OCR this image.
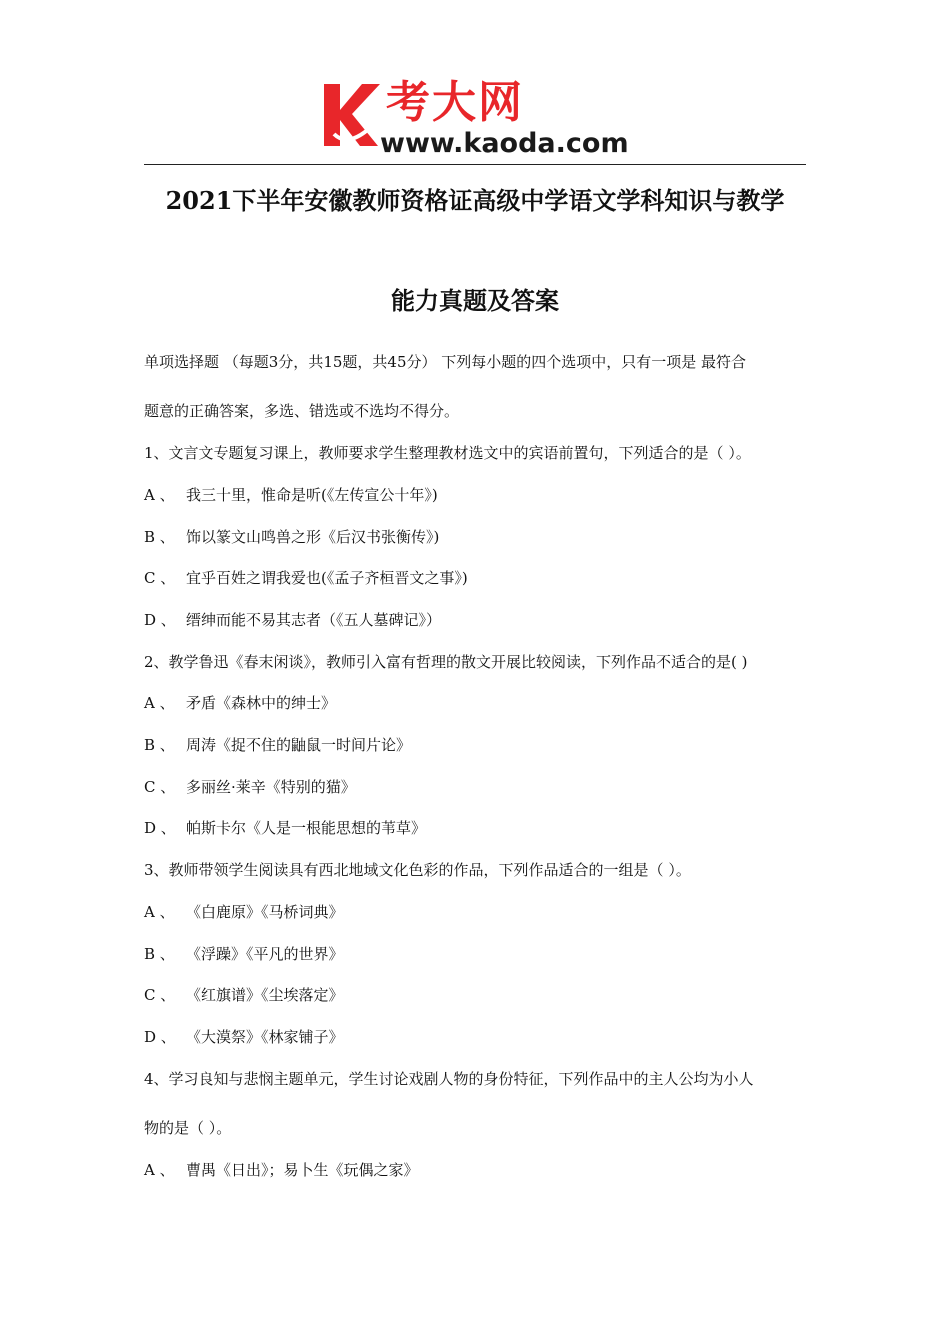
考大网
www.kaoda.com
2021下半年安徽教师资格证高级中学语文学科知识与教学
能力真题及答案
单项选择题 （每题3分，共15题，共45分） 下列每小题的四个选项中，只有一项是 最符合
题意的正确答案，多选、错选或不选均不得分。
1、文言文专题复习课上，教师要求学生整理教材选文中的宾语前置句，下列适合的是（ ）。
A 、 我三十里，惟命是听(《左传宣公十年》)
B 、 饰以篆文山鸣兽之形《后汉书张衡传》)
C 、 宜乎百姓之谓我爱也(《孟子齐桓晋文之事》)
D 、 缙绅而能不易其志者（《五人墓碑记》）
2、教学鲁迅《春末闲谈》，教师引入富有哲理的散文开展比较阅读，下列作品不适合的是( )
A 、 矛盾《森林中的绅士》
B 、 周涛《捉不住的鼬鼠一时间片论》
C 、 多丽丝·莱辛《特别的猫》
D 、 帕斯卡尔《人是一根能思想的苇草》
3、教师带领学生阅读具有西北地域文化色彩的作品，下列作品适合的一组是（ ）。
A 、 《白鹿原》《马桥词典》
B 、 《浮躁》《平凡的世界》
C 、 《红旗谱》《尘埃落定》
D 、 《大漠祭》《林家铺子》
4、学习良知与悲悯主题单元，学生讨论戏剧人物的身份特征，下列作品中的主人公均为小人
物的是（ ）。
A 、 曹禺《日出》；易卜生《玩偶之家》
